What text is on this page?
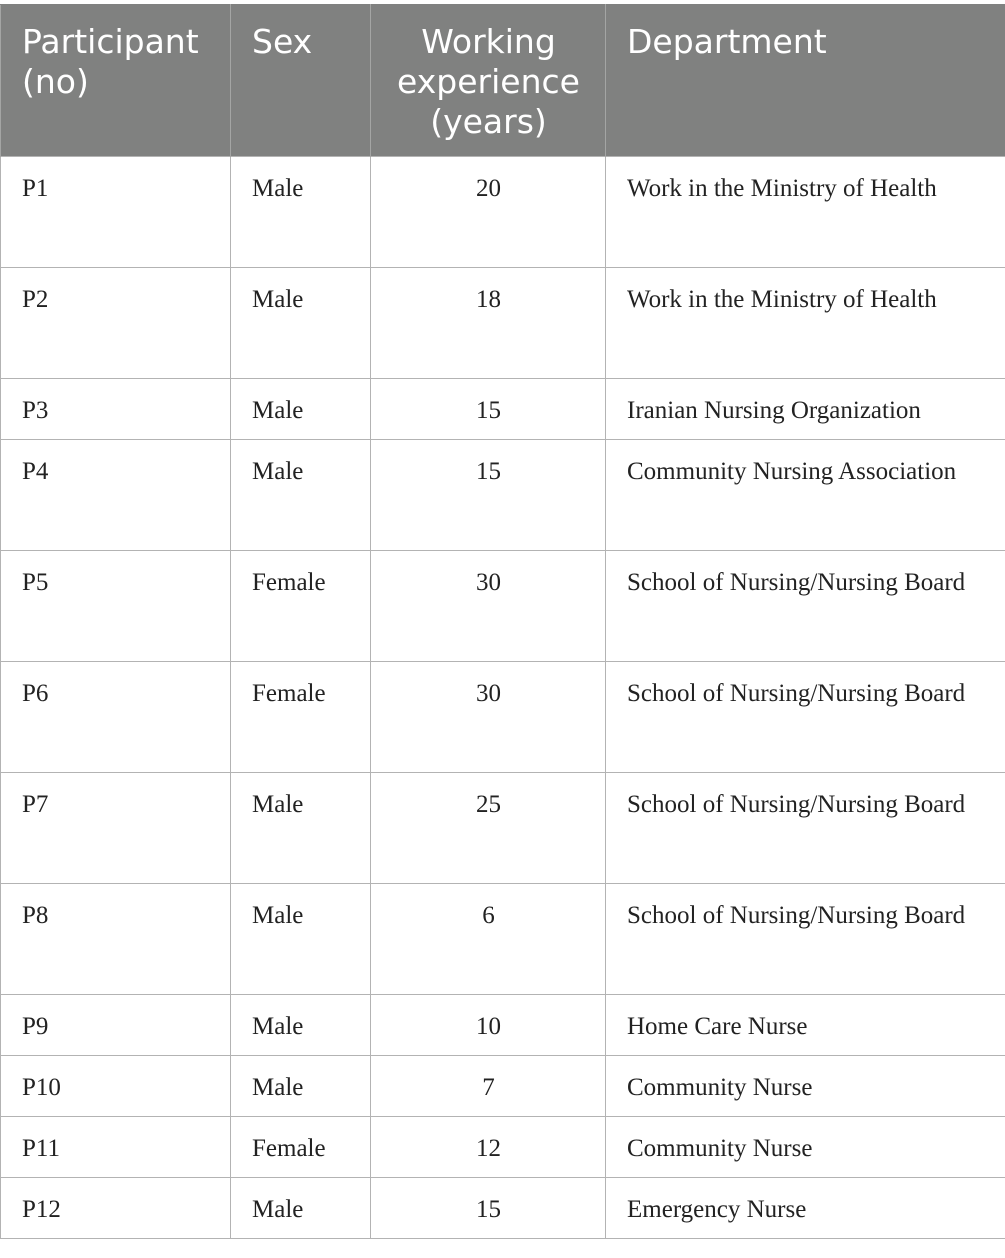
Participant (no)	Sex	Working experience (years)	Department
P1	Male	20	Work in the Ministry of Health
P2	Male	18	Work in the Ministry of Health
P3	Male	15	Iranian Nursing Organization
P4	Male	15	Community Nursing Association
P5	Female	30	School of Nursing/Nursing Board
P6	Female	30	School of Nursing/Nursing Board
P7	Male	25	School of Nursing/Nursing Board
P8	Male	6	School of Nursing/Nursing Board
P9	Male	10	Home Care Nurse
P10	Male	7	Community Nurse
P11	Female	12	Community Nurse
P12	Male	15	Emergency Nurse
